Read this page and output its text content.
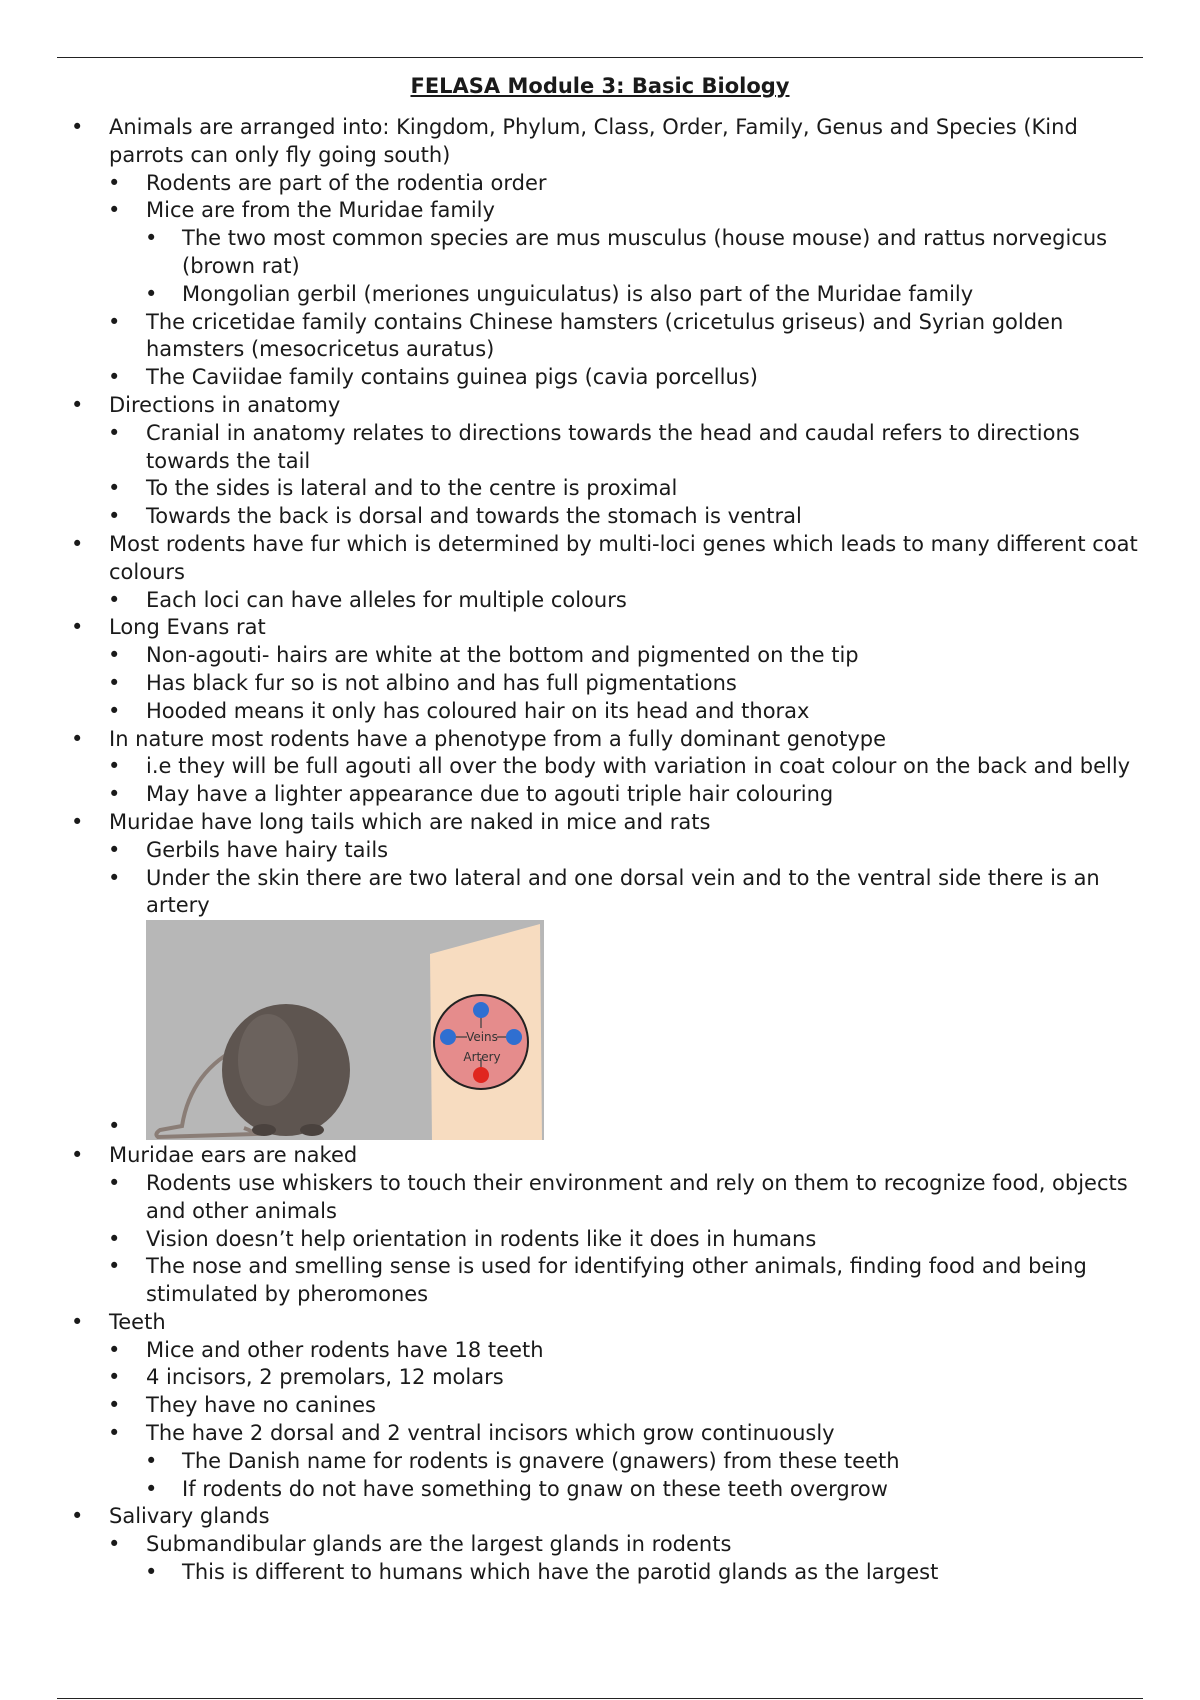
FELASA Module 3: Basic Biology
• Animals are arranged into: Kingdom, Phylum, Class, Order, Family, Genus and Species (Kind parrots can only fly going south)
• Rodents are part of the rodentia order
• Mice are from the Muridae family
• The two most common species are mus musculus (house mouse) and rattus norvegicus (brown rat)
• Mongolian gerbil (meriones unguiculatus) is also part of the Muridae family
• The cricetidae family contains Chinese hamsters (cricetulus griseus) and Syrian golden hamsters (mesocricetus auratus)
• The Caviidae family contains guinea pigs (cavia porcellus)
• Directions in anatomy
• Cranial in anatomy relates to directions towards the head and caudal refers to directions towards the tail
• To the sides is lateral and to the centre is proximal
• Towards the back is dorsal and towards the stomach is ventral
• Most rodents have fur which is determined by multi-loci genes which leads to many different coat colours
• Each loci can have alleles for multiple colours
• Long Evans rat
• Non-agouti- hairs are white at the bottom and pigmented on the tip
• Has black fur so is not albino and has full pigmentations
• Hooded means it only has coloured hair on its head and thorax
• In nature most rodents have a phenotype from a fully dominant genotype
• i.e they will be full agouti all over the body with variation in coat colour on the back and belly
• May have a lighter appearance due to agouti triple hair colouring
• Muridae have long tails which are naked in mice and rats
• Gerbils have hairy tails
• Under the skin there are two lateral and one dorsal vein and to the ventral side there is an artery
• Veins
Artery
• Muridae ears are naked
• Rodents use whiskers to touch their environment and rely on them to recognize food, objects and other animals
• Vision doesn’t help orientation in rodents like it does in humans
• The nose and smelling sense is used for identifying other animals, finding food and being stimulated by pheromones
• Teeth
• Mice and other rodents have 18 teeth
• 4 incisors, 2 premolars, 12 molars
• They have no canines
• The have 2 dorsal and 2 ventral incisors which grow continuously
• The Danish name for rodents is gnavere (gnawers) from these teeth
• If rodents do not have something to gnaw on these teeth overgrow
• Salivary glands
• Submandibular glands are the largest glands in rodents
• This is different to humans which have the parotid glands as the largest
